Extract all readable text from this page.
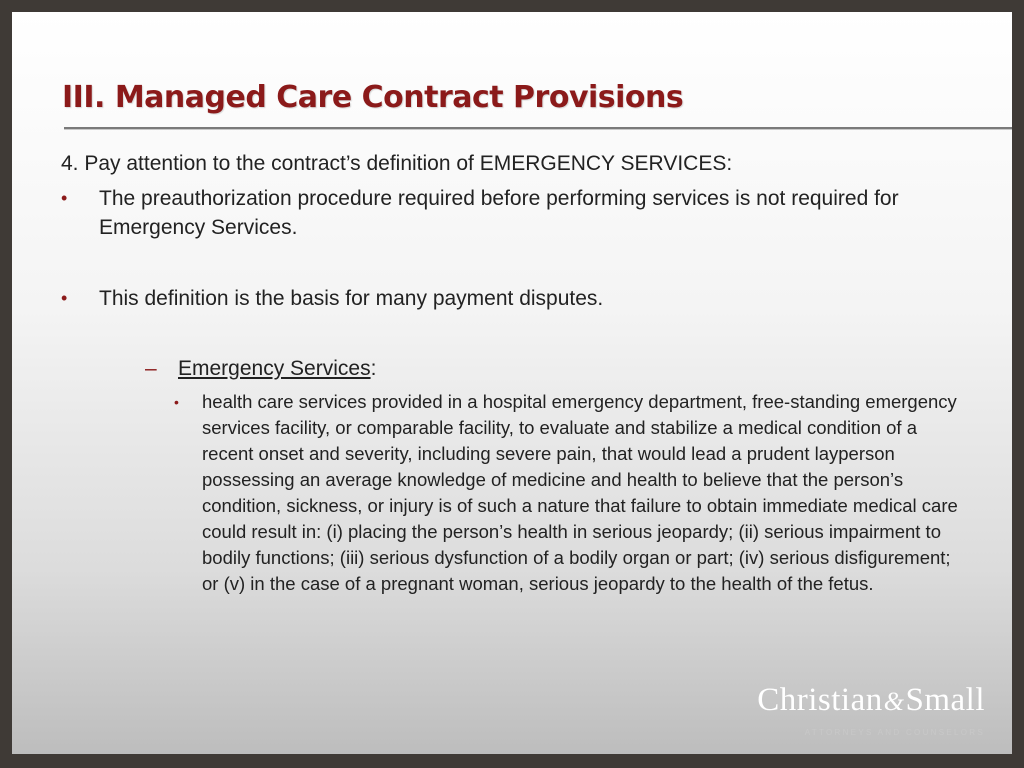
III. Managed Care Contract Provisions

4. Pay attention to the contract’s definition of EMERGENCY SERVICES:

• The preauthorization procedure required before performing services is not required for Emergency Services.
• This definition is the basis for many payment disputes.
– Emergency Services:
• health care services provided in a hospital emergency department, free-standing emergency services facility, or comparable facility, to evaluate and stabilize a medical condition of a recent onset and severity, including severe pain, that would lead a prudent layperson possessing an average knowledge of medicine and health to believe that the person’s condition, sickness, or injury is of such a nature that failure to obtain immediate medical care could result in: (i) placing the person’s health in serious jeopardy; (ii) serious impairment to bodily functions; (iii) serious dysfunction of a bodily organ or part; (iv) serious disfigurement; or (v) in the case of a pregnant woman, serious jeopardy to the health of the fetus.
Christian&Small
ATTORNEYS AND COUNSELORS
